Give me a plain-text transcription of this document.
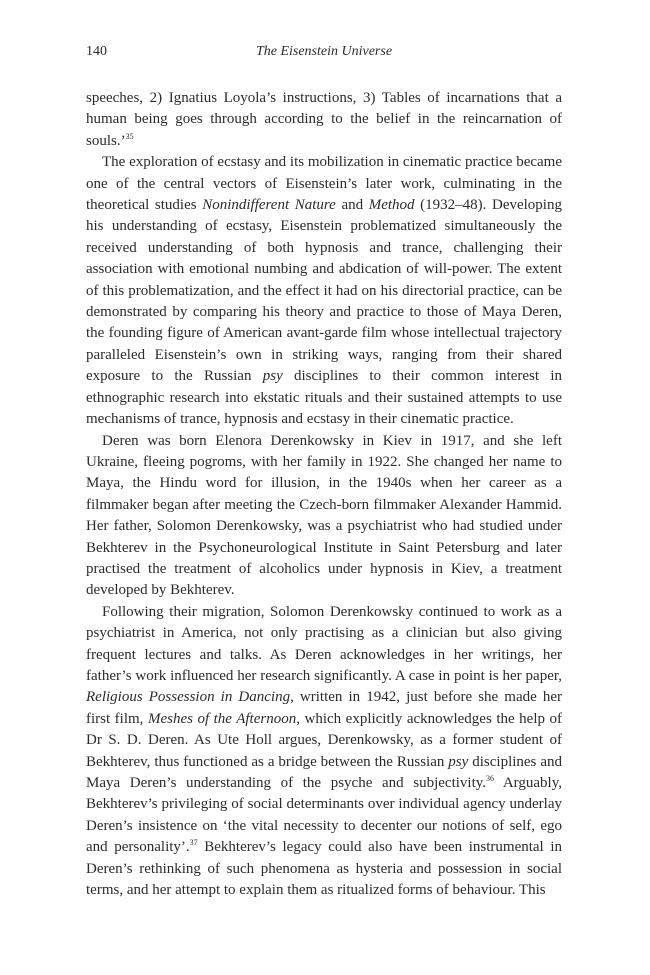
140	The Eisenstein Universe

speeches, 2) Ignatius Loyola’s instructions, 3) Tables of incarnations that a human being goes through according to the belief in the reincarnation of souls.’$^{35}$

The exploration of ecstasy and its mobilization in cinematic practice became one of the central vectors of Eisenstein’s later work, culminating in the theoretical studies Nonindifferent Nature and Method (1932–48). Developing his understanding of ecstasy, Eisenstein problematized simultaneously the received understanding of both hypnosis and trance, challenging their association with emotional numbing and abdication of will-power. The extent of this problematization, and the effect it had on his directorial practice, can be demonstrated by comparing his theory and practice to those of Maya Deren, the founding figure of American avant-garde film whose intellectual trajectory paralleled Eisenstein’s own in striking ways, ranging from their shared exposure to the Russian psy disciplines to their common interest in ethnographic research into ekstatic rituals and their sustained attempts to use mechanisms of trance, hypnosis and ecstasy in their cinematic practice.

Deren was born Elenora Derenkowsky in Kiev in 1917, and she left Ukraine, fleeing pogroms, with her family in 1922. She changed her name to Maya, the Hindu word for illusion, in the 1940s when her career as a filmmaker began after meeting the Czech-born filmmaker Alexander Hammid. Her father, Solomon Derenkowsky, was a psychiatrist who had studied under Bekhterev in the Psychoneurological Institute in Saint Petersburg and later practised the treatment of alcoholics under hypnosis in Kiev, a treatment developed by Bekhterev.

Following their migration, Solomon Derenkowsky continued to work as a psychiatrist in America, not only practising as a clinician but also giving frequent lectures and talks. As Deren acknowledges in her writings, her father’s work influenced her research significantly. A case in point is her paper, Religious Possession in Dancing, written in 1942, just before she made her first film, Meshes of the Afternoon, which explicitly acknowledges the help of Dr S. D. Deren. As Ute Holl argues, Derenkowsky, as a former student of Bekhterev, thus functioned as a bridge between the Russian psy disciplines and Maya Deren’s understanding of the psyche and subjectivity.$^{36}$ Arguably, Bekhterev’s privileging of social determinants over individual agency underlay Deren’s insistence on ‘the vital necessity to decenter our notions of self, ego and personality’.$^{37}$ Bekhterev’s legacy could also have been instrumental in Deren’s rethinking of such phenomena as hysteria and possession in social terms, and her attempt to explain them as ritualized forms of behaviour. This
